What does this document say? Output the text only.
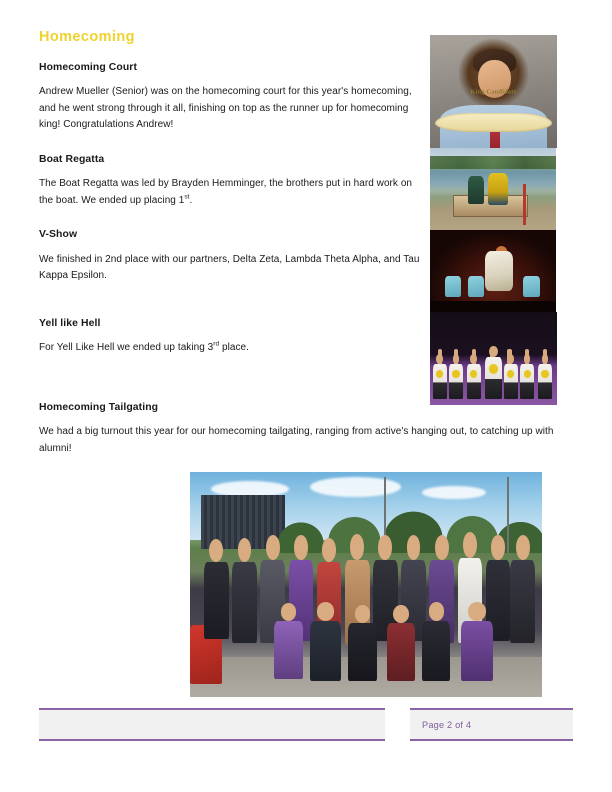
Homecoming
Homecoming Court

Andrew Mueller (Senior) was on the homecoming court for this year's homecoming, and he went strong through it all, finishing on top as the runner up for homecoming king! Congratulations Andrew!

Boat Regatta

The Boat Regatta was led by Brayden Hemminger, the brothers put in hard work on the boat. We ended up placing 1st.

V-Show

We finished in 2nd place with our partners, Delta Zeta, Lambda Theta Alpha, and Tau Kappa Epsilon.

Yell like Hell

For Yell Like Hell we ended up taking 3rd place.

Homecoming Tailgating

We had a big turnout this year for our homecoming tailgating, ranging from active's hanging out, to catching up with alumni!

King Candidate
Page 2 of 4
